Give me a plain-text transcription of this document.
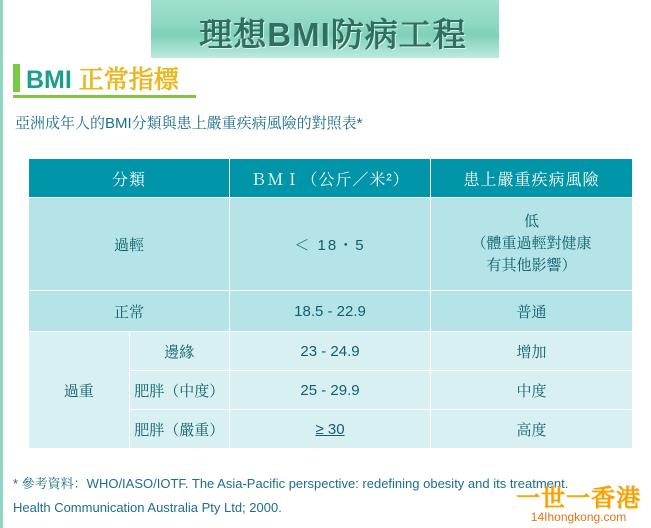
理想BMI防病工程
BMI 正常指標
亞洲成年人的BMI分類與患上嚴重疾病風險的對照表*
分類		ＢＭＩ（公斤／米²）	患上嚴重疾病風險
過輕		＜ 18・5	低
（體重過輕對健康
有其他影響）

正常		18.5 - 22.9	普通
過重	邊緣	23 - 24.9	增加
	肥胖（中度）	25 - 29.9	中度
	肥胖（嚴重）	≥ 30	高度
* 參考資料：WHO/IASO/IOTF. The Asia-Pacific perspective: redefining obesity and its treatment.
Health Communication Australia Pty Ltd; 2000.	一世一香港
14Ihongkong.com
